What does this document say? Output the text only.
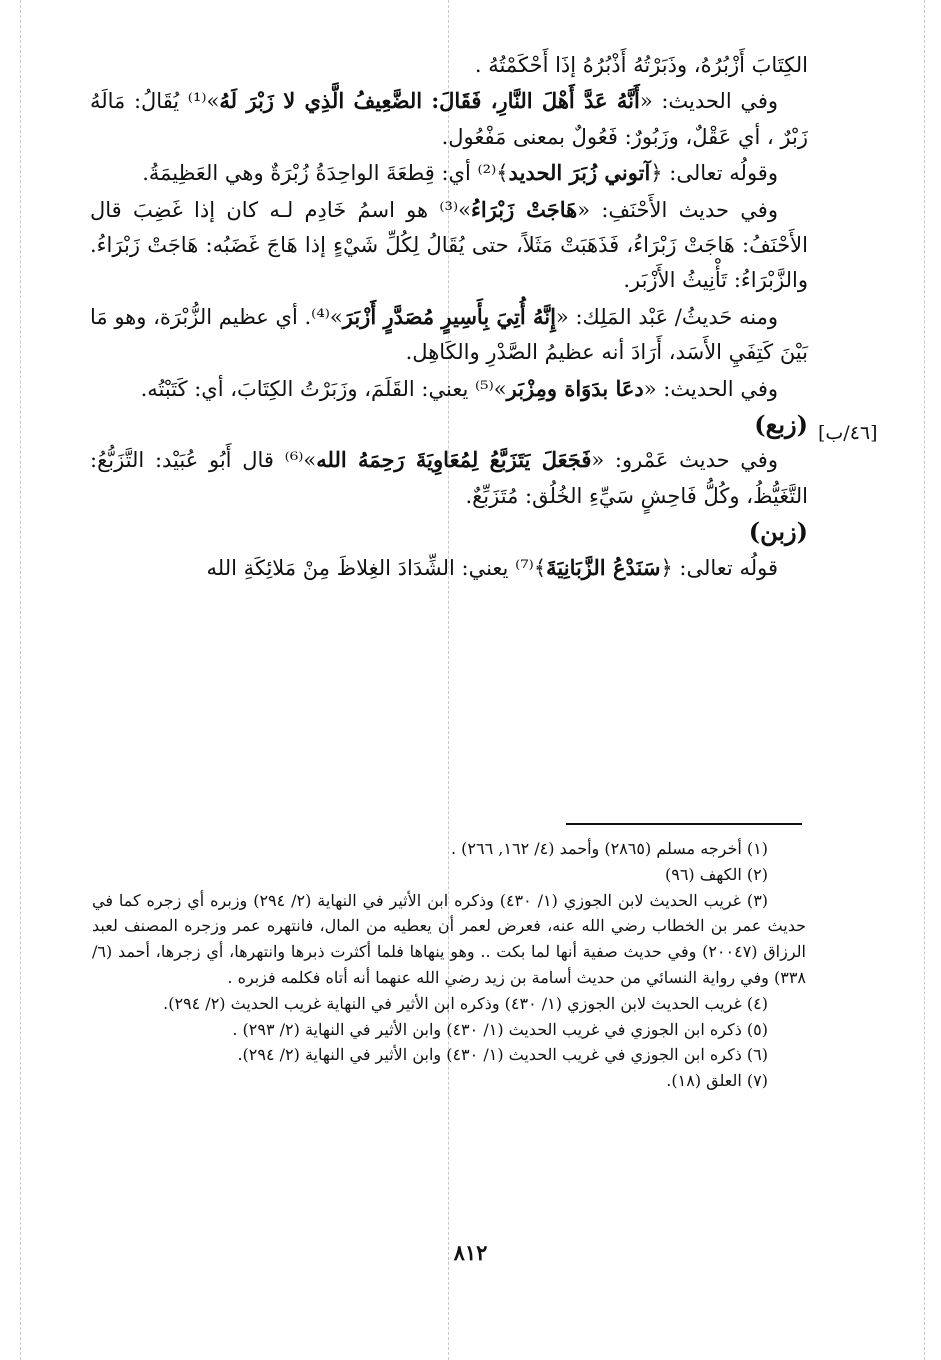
الكِتَابَ أَزْبُرُهُ، وذَبَرْتُهُ أَذْبُرُهُ إذَا أَحْكَمْتُهُ .

وفي الحديث: «أَنَّهُ عَدَّ أَهْلَ النَّارِ، فَقَالَ: الضَّعِيفُ الَّذِي لا زَبْرَ لَهُ»⁽¹⁾ يُقَالُ: مَالَهُ زَبْرٌ ، أي عَقْلٌ، وزَبُورٌ: فَعُولٌ بمعنى مَفْعُول.

وقولُه تعالى: ﴿آتوني زُبَرَ الحديد﴾⁽²⁾ أي: قِطعَةَ الواحِدَةُ زُبْرَةٌ وهي العَظِيمَةُ.

وفي حديث الأَحْنَفِ: «هَاجَتْ زَبْرَاءُ»⁽³⁾ هو اسمُ خَادِم لـه كان إذا غَضِبَ قال الأَحْنَفُ: هَاجَتْ زَبْرَاءُ، فَذَهَبَتْ مَثَلاً، حتى يُقَالُ لِكُلِّ شَيْءٍ إذا هَاجَ غَضَبُه: هَاجَتْ زَبْرَاءُ. والزَّبْرَاءُ: تَأْنِيثُ الأَزْبَر.

ومنه حَديثُ/ عَبْد المَلِك: «إِنَّهُ أُتِيَ بِأَسِيرٍ مُصَدَّرٍ أَزْبَرَ»⁽⁴⁾. أي عظيم الزُّبْرَة، وهو مَا بَيْنَ كَتِفَيِ الأَسَد، أَرَادَ أنه عظيمُ الصَّدْرِ والكَاهِل.

وفي الحديث: «دعَا بدَوَاة ومِزْبَر»⁽⁵⁾ يعني: القَلَمَ، وزَبَرْتُ الكِتَابَ، أي: كَتَبْتُه.

(زبع)

وفي حديث عَمْرو: «فَجَعَلَ يَتَزَبَّعُ لِمُعَاوِيَةَ رَحِمَهُ الله»⁽⁶⁾ قال أَبُو عُبَيْد: التَّزَبُّعُ: التَّغَيُّظُ، وكُلُّ فَاحِشٍ سَيِّءِ الخُلُق: مُتَزَبِّعٌ.

(زبن)

قولُه تعالى: ﴿سَنَدْعُ الزَّبَانِيَةَ﴾⁽⁷⁾ يعني: الشِّدَادَ الغِلاظَ مِنْ مَلائِكَةِ الله

[٤٦/ب]

(١) أخرجه مسلم (٢٨٦٥) وأحمد (٤/ ١٦٢, ٢٦٦) .

(٢) الكهف (٩٦)

(٣) غريب الحديث لابن الجوزي (١/ ٤٣٠) وذكره ابن الأثير في النهاية (٢/ ٢٩٤) وزبره أي زجره كما في حديث عمر بن الخطاب رضي الله عنه، فعرض لعمر أن يعطيه من المال، فانتهره عمر وزجره المصنف لعبد الرزاق (٢٠٠٤٧) وفي حديث صفية أنها لما بكت .. وهو ينهاها فلما أكثرت ذبرها وانتهرها، أي زجرها، أحمد (٦/ ٣٣٨) وفي رواية النسائي من حديث أسامة بن زيد رضي الله عنهما أنه أتاه فكلمه فزبره .

(٤) غريب الحديث لابن الجوزي (١/ ٤٣٠) وذكره ابن الأثير في النهاية غريب الحديث (٢/ ٢٩٤).

(٥) ذكره ابن الجوزي في غريب الحديث (١/ ٤٣٠) وابن الأثير في النهاية (٢/ ٢٩٣) .

(٦) ذكره ابن الجوزي في غريب الحديث (١/ ٤٣٠) وابن الأثير في النهاية (٢/ ٢٩٤).

(٧) العلق (١٨).

٨١٢
